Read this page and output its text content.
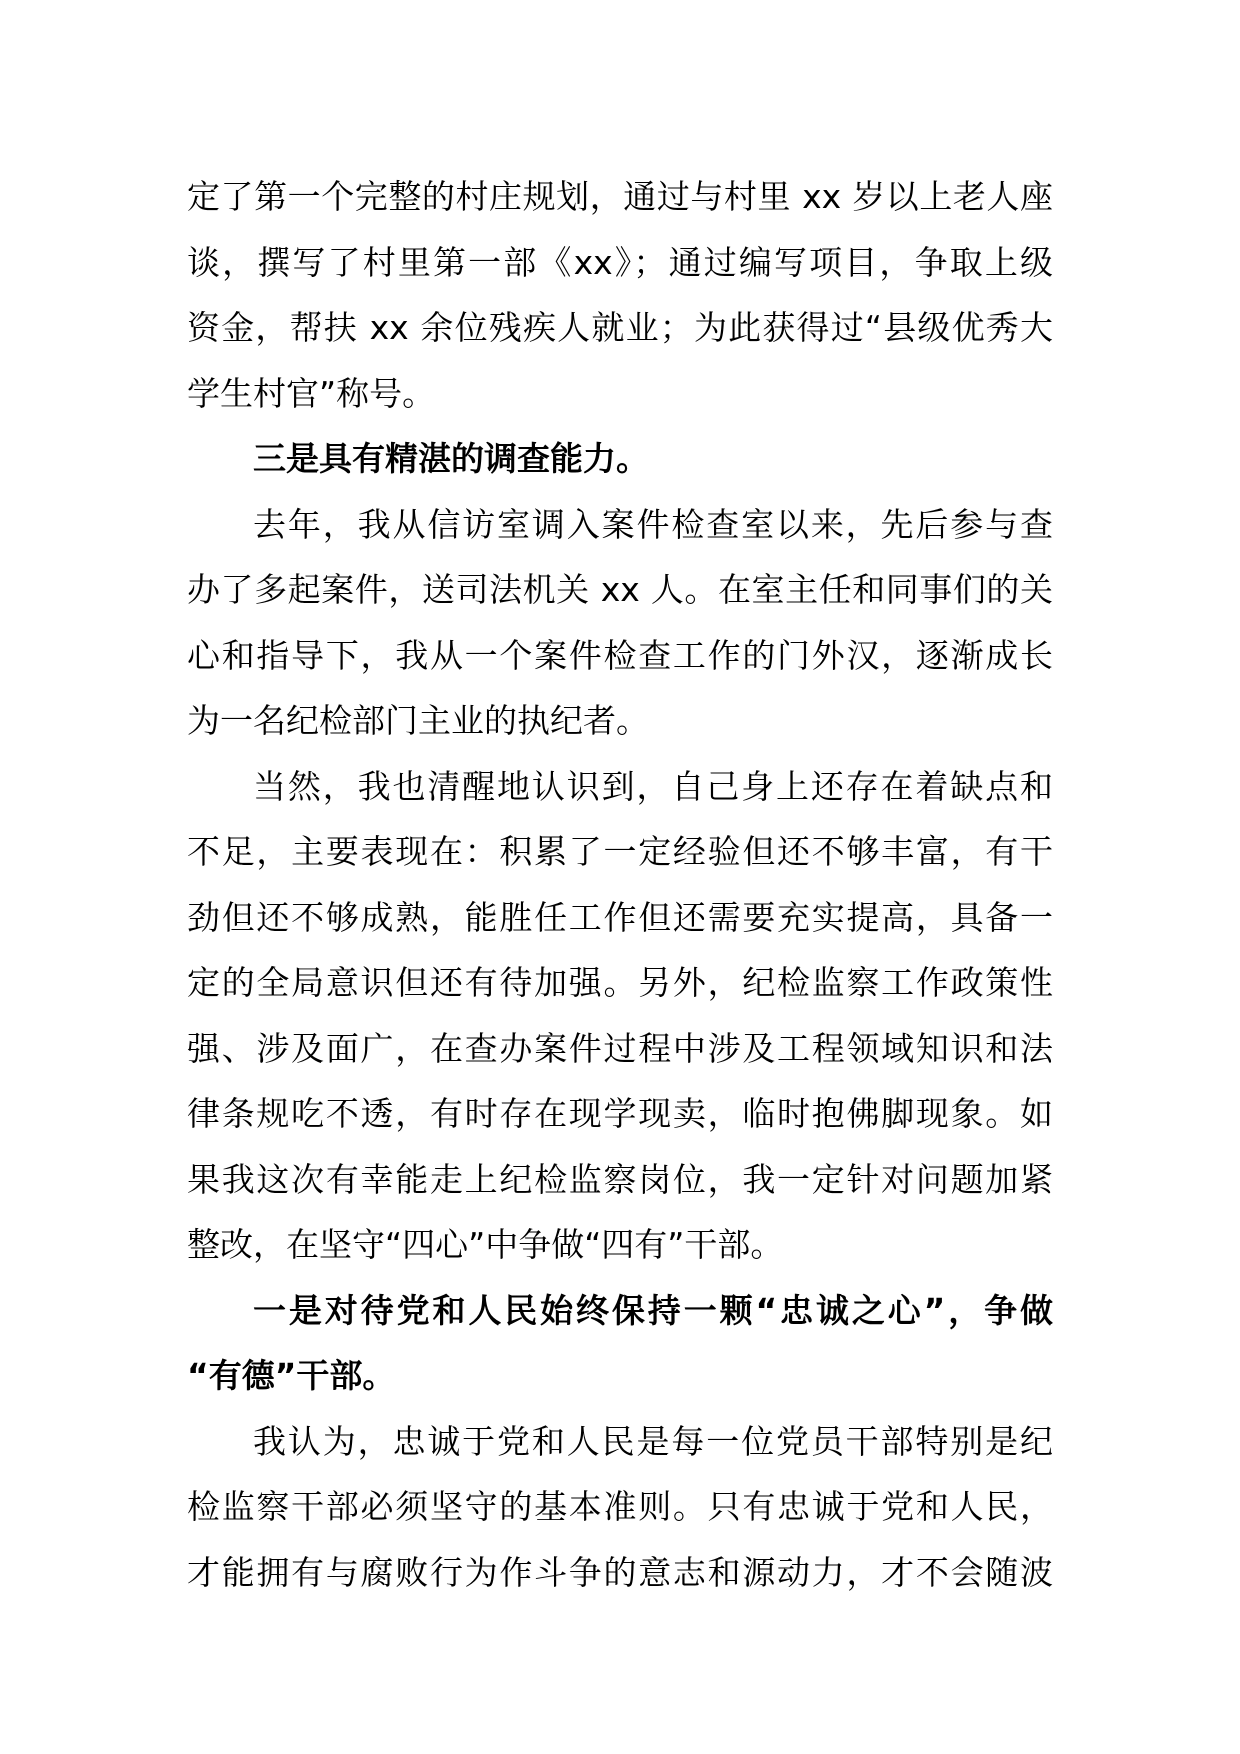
定了第一个完整的村庄规划，通过与村里 xx 岁以上老人座
谈，撰写了村里第一部《xx》；通过编写项目，争取上级
资金，帮扶 xx 余位残疾人就业；为此获得过“县级优秀大
学生村官”称号。
三是具有精湛的调查能力。
去年，我从信访室调入案件检查室以来，先后参与查
办了多起案件，送司法机关 xx 人。在室主任和同事们的关
心和指导下，我从一个案件检查工作的门外汉，逐渐成长
为一名纪检部门主业的执纪者。
当然，我也清醒地认识到，自己身上还存在着缺点和
不足，主要表现在：积累了一定经验但还不够丰富，有干
劲但还不够成熟，能胜任工作但还需要充实提高，具备一
定的全局意识但还有待加强。另外，纪检监察工作政策性
强、涉及面广，在查办案件过程中涉及工程领域知识和法
律条规吃不透，有时存在现学现卖，临时抱佛脚现象。如
果我这次有幸能走上纪检监察岗位，我一定针对问题加紧
整改，在坚守“四心”中争做“四有”干部。
一是对待党和人民始终保持一颗“忠诚之心”，争做
“有德”干部。
我认为，忠诚于党和人民是每一位党员干部特别是纪
检监察干部必须坚守的基本准则。只有忠诚于党和人民，
才能拥有与腐败行为作斗争的意志和源动力，才不会随波
